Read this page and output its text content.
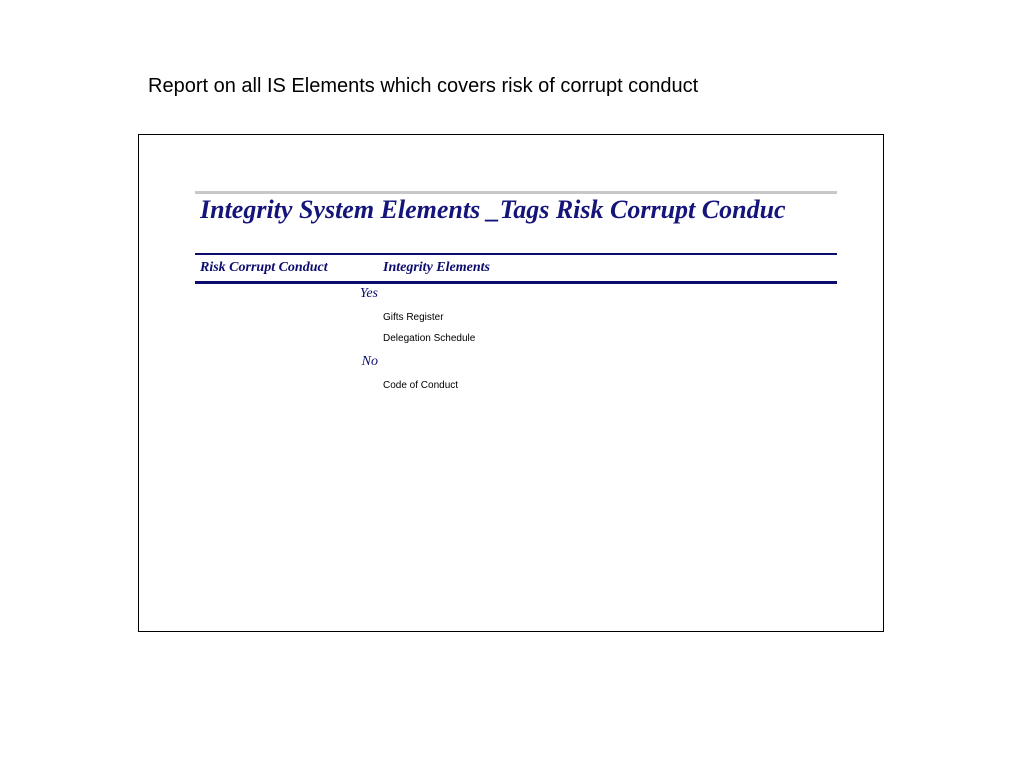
Report on all IS Elements which covers risk of corrupt conduct
Integrity System Elements _Tags Risk Corrupt Conduc
Risk Corrupt Conduct	Integrity Elements
Yes
Gifts Register
Delegation Schedule
No
Code of Conduct
